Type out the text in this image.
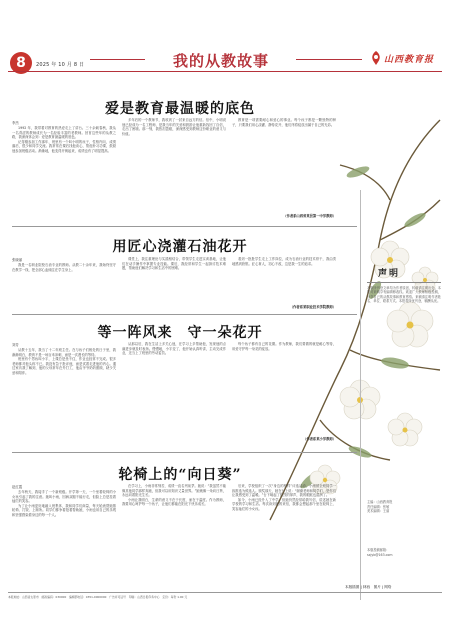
8	2025 年 10 月 8 日	我的从教故事	山西教育报
爱是教育最温暖的底色
李杰

1992 年，我带着对教育的热爱走上了讲台。三十余载春秋，我从一名青涩的教师成长为一名经验丰富的老教师。回首这些年的从教之路，我深深体会到：爱是教育最温暖的底色。

记得刚参加工作那年，班里有一个叫小明的孩子，性格内向，成绩落后，很少和同学交流。我常常在课后找他谈心，帮他补习功课，鼓励他参加班级活动。渐渐地，他变得开朗起来，成绩也有了明显提高。

多年后的一个教师节，我收到了一封来自远方的信。信中，小明说他已经成为一名工程师，是我当年的关爱和鼓励让他重新找回了自信，走出了困境。那一刻，我热泪盈眶，深深感受到教师这份职业的意义与价值。

教育是一项需要耐心和爱心的事业。每个孩子都是一颗独特的种子，只要我们用心浇灌、静待花开，他们终将绽放出属于自己的光彩。

（作者系山西省某县第一中学教师）
用匠心浇灌石油花开
张晓丽

我是一名职业院校石油专业的教师。从教二十余年来，我始终坚守在教学一线，把全部心血倾注在学生身上。

课堂上，我注重理论与实践相结合，带领学生走进实训基地，让他们在动手操作中掌握专业技能。课后，我经常和学生一起探讨技术难题，帮助他们解决学习和生活中的困难。

看到一批批学生走上工作岗位，成为石油行业的技术骨干，我由衷地感到欣慰。匠心育人，初心不改，这是我一生的追求。

（作者系某职业技术学院教师）
等一阵风来　守一朵花开
刘芳

从教十五年，我当了十二年班主任。在与孩子们相处的日子里，我渐渐明白，教育不是一场百米冲刺，而是一次漫长的等待。

班里有个男孩叫小宇，上课总是坐不住，作业也经常不完成。很多老师都对他头疼不已。我没有急于批评他，而是试着走进他的内心。通过家访我了解到，他的父母常年在外打工，他由爷爷奶奶照顾，缺少关爱和陪伴。

从那以后，我在生活上多关心他，在学习上多帮助他，发现他的点滴进步就及时表扬。慢慢地，小宇变了，他开始认真听讲，主动完成作业，还当上了班里的劳动委员。

每个孩子都有自己的花期。作为教师，我们要做的就是耐心等待，用爱守护每一朵花的绽放。

（作者系某小学教师）
轮椅上的“向日葵”
赵红霞

去年秋天，我接手了一个新班级。开学第一天，一个坐着轮椅的小女孩引起了我的注意。她叫小雨，因病双腿不能行走，但脸上总是挂着灿烂的笑容。

为了让小雨更好地融入班集体，我和同学们商量，每天轮流帮她推轮椅、打饭、上厕所。同学们都争着抢着帮助她，小雨也用自己的乐观和坚强感染着身边的每一个人。

在学习上，小雨非常刻苦，成绩一直名列前茅。她说：“我虽然不能像其他同学那样奔跑，但我可以用知识丈量世界。”她就像一朵向日葵，永远向着阳光生长。

小雨让我明白，生命的意义不在于长度，而在于温度。作为教师，我要用心呵护每一个孩子，让他们都能在阳光下快乐成长。

后来，学校组织了一次“身边的榜样”评选活动，小雨被全班同学一致推选为候选人。颁奖那天，她在台上说：“谢谢老师和同学们，是你们让我感受到了温暖。”台下响起了热烈的掌声，我的眼眶也湿润了。

如今，小雨已经升入了中学，但她仍然经常给我写信，讲述她在新学校的学习和生活。每次读到她的来信，我都会想起那个坐在轮椅上、笑容灿烂的小女孩。

声明
本版所刊登文章均为作者原创，转载请注明出处。本报对来稿享有编辑修改权。欢迎广大教师积极投稿，分享自己的从教故事和教育感悟。来稿请注明作者姓名、单位、联系方式。本报将择优刊登，稿酬从优。
主编：山西教育报
责任编辑：张敏
美术编辑：王丽
本版投稿邮箱：
sxjyb@163.com
本版插图 | 林西　图片 | 网络
本报地址：山西省太原市　邮政编码：030000　编辑部电话：0351-0000000　广告许可证号　印刷：山西日报印务中心　定价：每份 1.00 元
